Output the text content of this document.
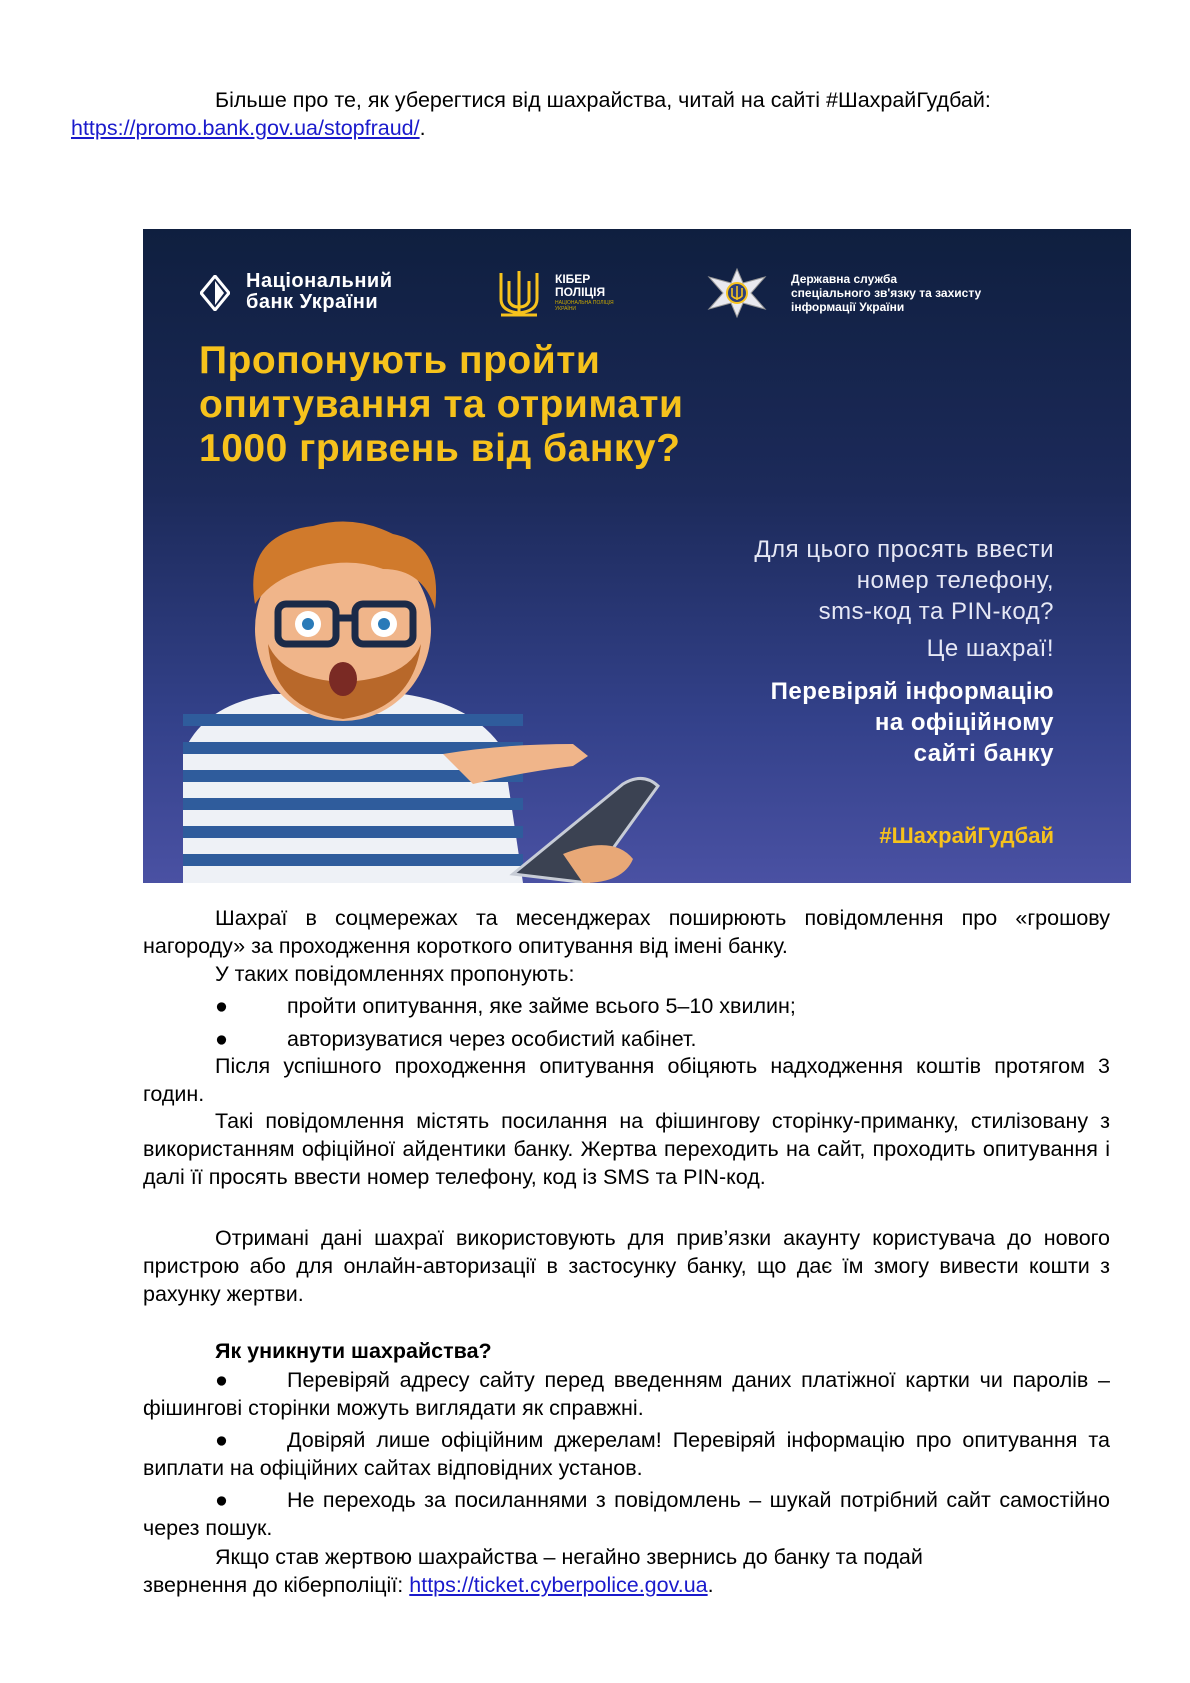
Більше про те, як уберегтися від шахрайства, читай на сайті #ШахрайГудбай:
https://promo.bank.gov.ua/stopfraud/.
Національний
банк України
КІБЕР
ПОЛІЦІЯ
НАЦІОНАЛЬНА ПОЛІЦІЯ УКРАЇНИ
Державна служба
спеціального зв'язку та захисту
інформації України
Пропонують пройти
опитування та отримати
1000 гривень від банку?
Для цього просять ввести
номер телефону,
sms-код та PIN-код?
Це шахраї!
Перевіряй інформацію
на офіційному
сайті банку
#ШахрайГудбай
Шахраї в соцмережах та месенджерах поширюють повідомлення про «грошову нагороду» за проходження короткого опитування від імені банку.
У таких повідомленнях пропонують:
●	пройти опитування, яке займе всього 5–10 хвилин;
●	авторизуватися через особистий кабінет.
Після успішного проходження опитування обіцяють надходження коштів протягом 3 годин.
Такі повідомлення містять посилання на фішингову сторінку-приманку, стилізовану з використанням офіційної айдентики банку. Жертва переходить на сайт, проходить опитування і далі її просять ввести номер телефону, код із SMS та PIN-код.
Отримані дані шахраї використовують для прив’язки акаунту користувача до нового пристрою або для онлайн-авторизації в застосунку банку, що дає їм змогу вивести кошти з рахунку жертви.
Як уникнути шахрайства?
●	Перевіряй адресу сайту перед введенням даних платіжної картки чи паролів – фішингові сторінки можуть виглядати як справжні.
●	Довіряй лише офіційним джерелам! Перевіряй інформацію про опитування та виплати на офіційних сайтах відповідних установ.
●	Не переходь за посиланнями з повідомлень – шукай потрібний сайт самостійно через пошук.
Якщо став жертвою шахрайства – негайно звернись до банку та подай
звернення до кіберполіції: https://ticket.cyberpolice.gov.ua.
